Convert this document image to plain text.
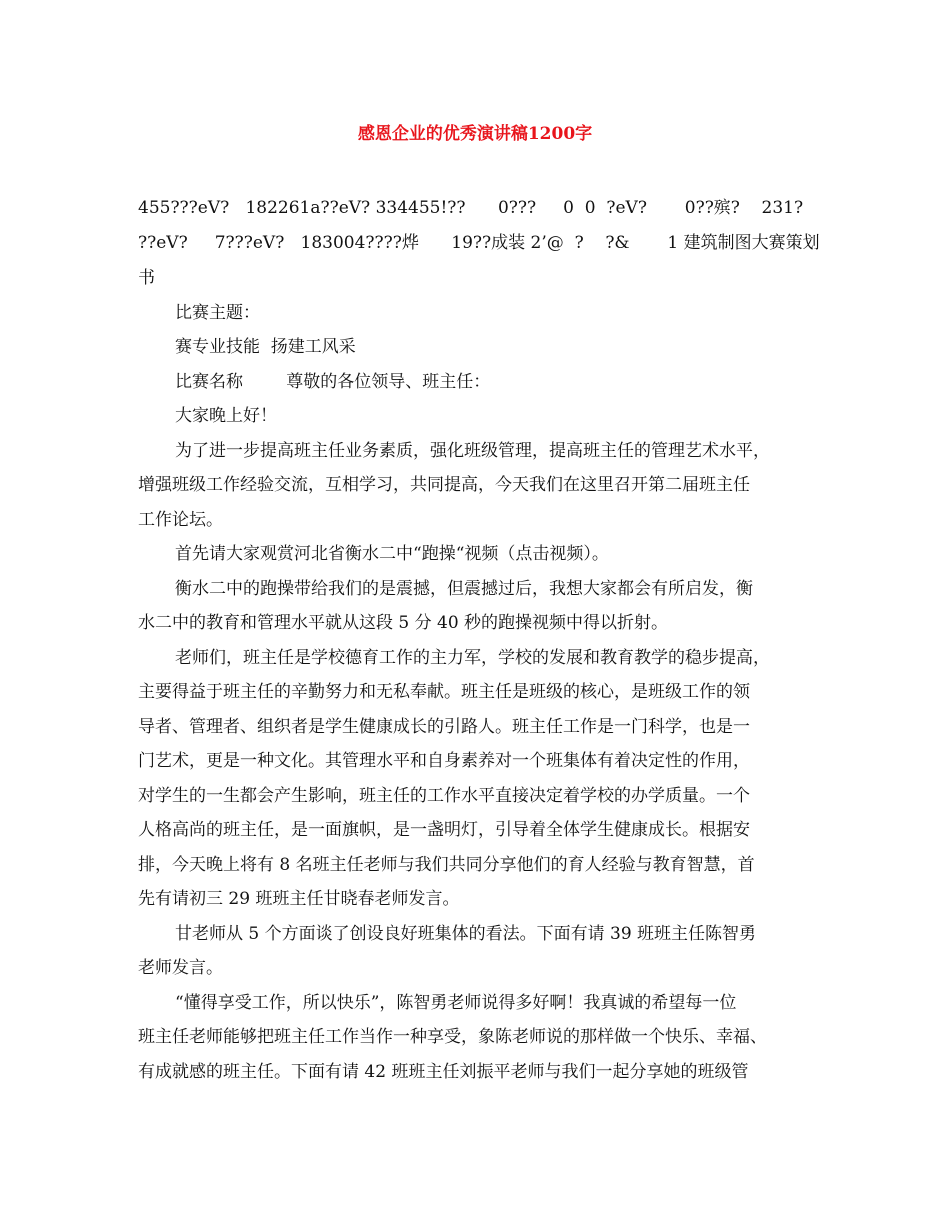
感恩企业的优秀演讲稿1200字
455???eV?   182261a??eV? 334455!??      0???     0  0  ?eV?       0??殡?    231?
??eV?     7???eV?   183004????烨      19??成装 2’@  ?    ?&       1 建筑制图大赛策划
书
比赛主题：
赛专业技能  扬建工风采
比赛名称        尊敬的各位领导、班主任：
大家晚上好！
为了进一步提高班主任业务素质，强化班级管理，提高班主任的管理艺术水平，
增强班级工作经验交流，互相学习，共同提高，今天我们在这里召开第二届班主任
工作论坛。
首先请大家观赏河北省衡水二中“跑操“视频（点击视频）。
衡水二中的跑操带给我们的是震撼，但震撼过后，我想大家都会有所启发，衡
水二中的教育和管理水平就从这段 5 分 40 秒的跑操视频中得以折射。
老师们，班主任是学校德育工作的主力军，学校的发展和教育教学的稳步提高，
主要得益于班主任的辛勤努力和无私奉献。班主任是班级的核心，是班级工作的领
导者、管理者、组织者是学生健康成长的引路人。班主任工作是一门科学，也是一
门艺术，更是一种文化。其管理水平和自身素养对一个班集体有着决定性的作用，
对学生的一生都会产生影响，班主任的工作水平直接决定着学校的办学质量。一个
人格高尚的班主任，是一面旗帜，是一盏明灯，引导着全体学生健康成长。根据安
排，今天晚上将有 8 名班主任老师与我们共同分享他们的育人经验与教育智慧，首
先有请初三 29 班班主任甘晓春老师发言。
甘老师从 5 个方面谈了创设良好班集体的看法。下面有请 39 班班主任陈智勇
老师发言。
“懂得享受工作，所以快乐”，陈智勇老师说得多好啊！我真诚的希望每一位
班主任老师能够把班主任工作当作一种享受，象陈老师说的那样做一个快乐、幸福、
有成就感的班主任。下面有请 42 班班主任刘振平老师与我们一起分享她的班级管
